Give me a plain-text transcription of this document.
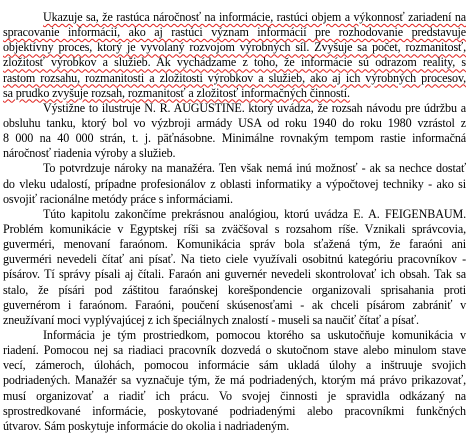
Ukazuje sa, že rastúca náročnosť na informácie, rastúci objem a výkonnosť zariadení na
spracovanie informácií, ako aj rastúci význam informácií pre rozhodovanie predstavuje
objektívny proces, ktorý je vyvolaný rozvojom výrobných síl. Zvyšuje sa počet, rozmanitosť,
zložitosť výrobkov a služieb. Ak vychádzame z toho, že informácie sú odrazom reality, s
rastom rozsahu, rozmanitosti a zložitosti výrobkov a služieb, ako aj ich výrobných procesov,
sa prudko zvyšuje rozsah, rozmanitosť a zložitosť informačných činností.
Výstižne to ilustruje N. R. AUGUSTINE. ktorý uvádza, že rozsah návodu pre údržbu a
obsluhu tanku, ktorý bol vo výzbroji armády USA od roku 1940 do roku 1980 vzrástol z
8 000 na 40 000 strán, t. j. päťnásobne. Minimálne rovnakým tempom rastie informačná
náročnosť riadenia výroby a služieb.
To potvrdzuje nároky na manažéra. Ten však nemá inú možnosť - ak sa nechce dostať
do vleku udalostí, prípadne profesionálov z oblasti informatiky a výpočtovej techniky - ako si
osvojiť racionálne metódy práce s informáciami.
Túto kapitolu zakončíme prekrásnou analógiou, ktorú uvádza E. A. FEIGENBAUM.
Problém komunikácie v Egyptskej ríši sa zväčšoval s rozsahom ríše. Vznikali správcovia,
guverméri, menovaní faraónom. Komunikácia správ bola sťažená tým, že faraóni ani
guverméri nevedeli čítať ani písať. Na tieto ciele využívali osobitnú kategóriu pracovníkov -
písárov. Tí správy písali aj čítali. Faraón ani guvernér nevedeli skontrolovať ich obsah. Tak sa
stalo, že písári pod záštitou faraónskej korešpondencie organizovali sprisahania proti
guvernérom i faraónom. Faraóni, poučení skúsenosťami - ak chceli písárom zabrániť v
zneužívaní moci vyplývajúcej z ich špeciálnych znalostí - museli sa naučiť čítať a písať.
Informácia je tým prostriedkom, pomocou ktorého sa uskutočňuje komunikácia v
riadení. Pomocou nej sa riadiaci pracovník dozvedá o skutočnom stave alebo minulom stave
vecí, zámeroch, úlohách, pomocou informácie sám ukladá úlohy a inštruuje svojich
podriadených. Manažér sa vyznačuje tým, že má podriadených, ktorým má právo prikazovať,
musí organizovať a riadiť ich prácu. Vo svojej činnosti je spravidla odkázaný na
sprostredkované informácie, poskytované podriadenými alebo pracovníkmi funkčných
útvarov. Sám poskytuje informácie do okolia i nadriadeným.
